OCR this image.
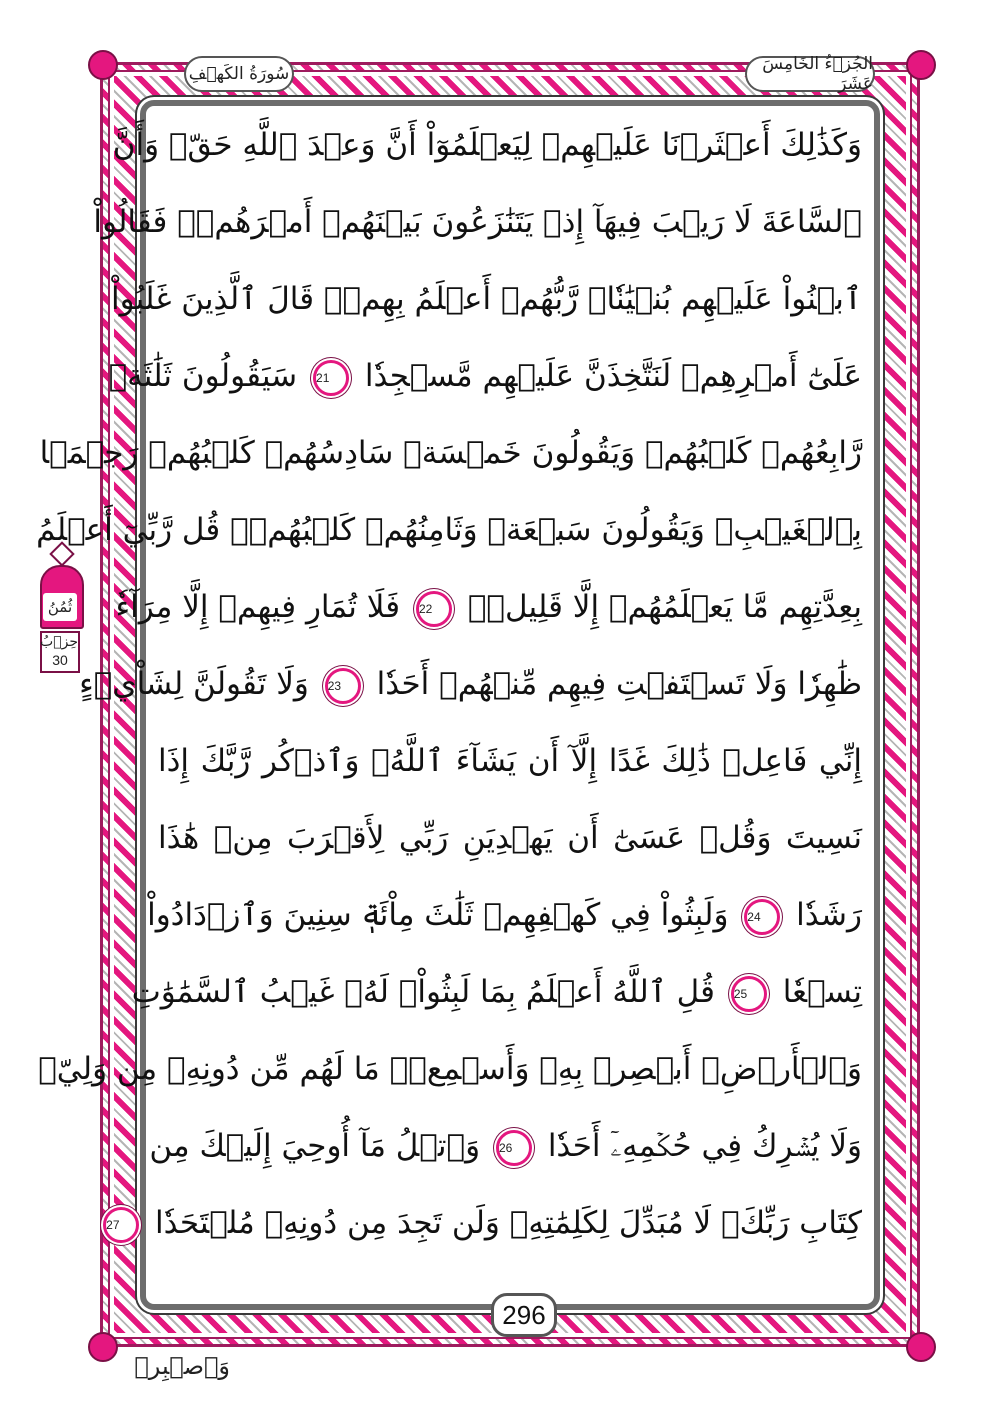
سُورَةُ الكَهۡفِ	الجُزۡءُ الخَامِسَ عَشَرَ
ثُمُنُ
حِزۡبُ
30
وَكَذَٰلِكَ أَعۡثَرۡنَا عَلَيۡهِمۡ لِيَعۡلَمُوٓاْ أَنَّ وَعۡدَ ٱللَّهِ حَقّٞ وَأَنَّ
ٱلسَّاعَةَ لَا رَيۡبَ فِيهَآ إِذۡ يَتَنَٰزَعُونَ بَيۡنَهُمۡ أَمۡرَهُمۡۖ فَقَالُواْ
ٱبۡنُواْ عَلَيۡهِم بُنۡيَٰنٗاۖ رَّبُّهُمۡ أَعۡلَمُ بِهِمۡۚ قَالَ ٱلَّذِينَ غَلَبُواْ
عَلَىٰٓ أَمۡرِهِمۡ لَنَتَّخِذَنَّ عَلَيۡهِم مَّسۡجِدٗا 21 سَيَقُولُونَ ثَلَٰثَةٞ
رَّابِعُهُمۡ كَلۡبُهُمۡ وَيَقُولُونَ خَمۡسَةٞ سَادِسُهُمۡ كَلۡبُهُمۡ رَجۡمَۢا
بِٱلۡغَيۡبِۖ وَيَقُولُونَ سَبۡعَةٞ وَثَامِنُهُمۡ كَلۡبُهُمۡۚ قُل رَّبِّيٓ أَعۡلَمُ
بِعِدَّتِهِم مَّا يَعۡلَمُهُمۡ إِلَّا قَلِيلٞۗ 22 فَلَا تُمَارِ فِيهِمۡ إِلَّا مِرَآءٗ
ظَٰهِرٗا وَلَا تَسۡتَفۡتِ فِيهِم مِّنۡهُمۡ أَحَدٗا 23 وَلَا تَقُولَنَّ لِشَاْيۡءٍ
إِنِّي فَاعِلٞ ذَٰلِكَ غَدًا إِلَّآ أَن يَشَآءَ ٱللَّهُۚ وَٱذۡكُر رَّبَّكَ إِذَا
نَسِيتَ وَقُلۡ عَسَىٰٓ أَن يَهۡدِيَنِ رَبِّي لِأَقۡرَبَ مِنۡ هَٰذَا
رَشَدٗا 24 وَلَبِثُواْ فِي كَهۡفِهِمۡ ثَلَٰثَ مِاْئَةٖ سِنِينَ وَٱزۡدَادُواْ
تِسۡعٗا 25 قُلِ ٱللَّهُ أَعۡلَمُ بِمَا لَبِثُواْۖ لَهُۥ غَيۡبُ ٱلسَّمَٰوَٰتِ
وَٱلۡأَرۡضِۖ أَبۡصِرۡ بِهِۦ وَأَسۡمِعۡۚ مَا لَهُم مِّن دُونِهِۦ مِن وَلِيّٖ
وَلَا يُشۡرِكُ فِي حُكۡمِهِۦٓ أَحَدٗا 26 وَٱتۡلُ مَآ أُوحِيَ إِلَيۡكَ مِن
كِتَابِ رَبِّكَۖ لَا مُبَدِّلَ لِكَلِمَٰتِهِۦ وَلَن تَجِدَ مِن دُونِهِۦ مُلۡتَحَدٗا 27
296
وَٱصۡبِرۡ
